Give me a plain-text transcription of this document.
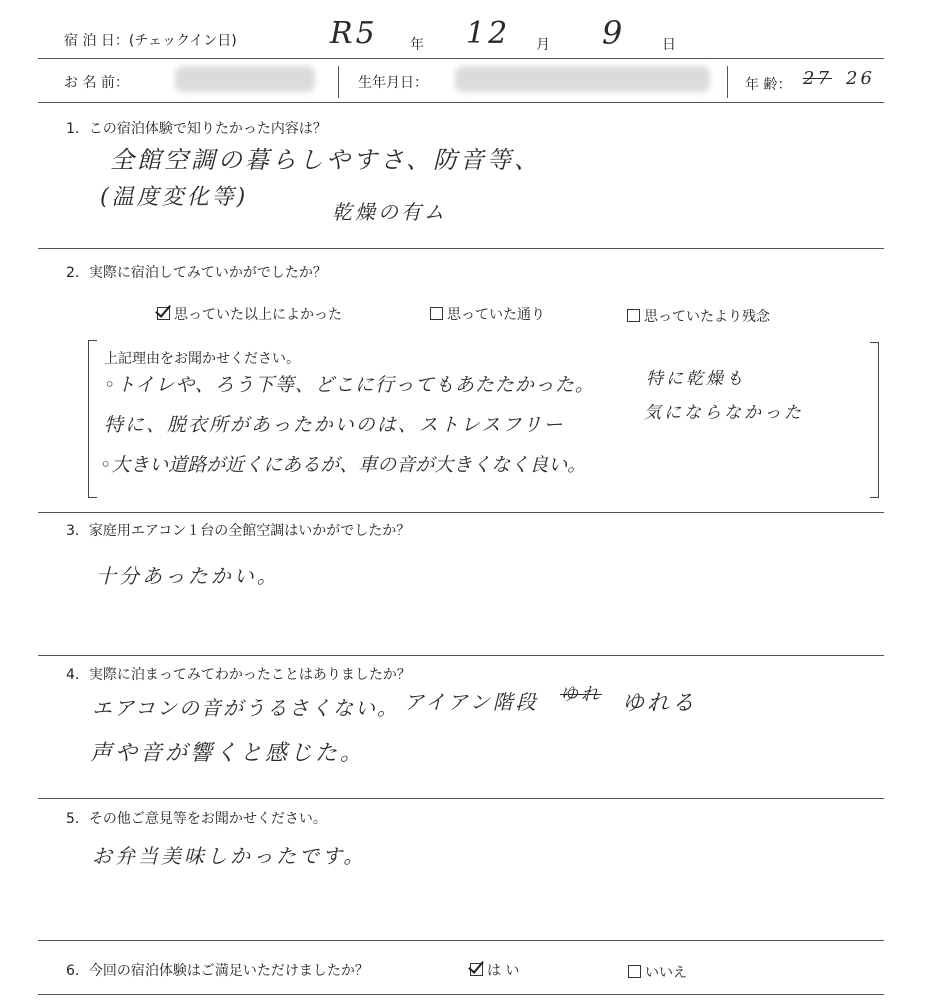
宿 泊 日：(チェックイン日)	R5 年 12 月 9	日
お 名 前：	生年月日：	年 齢： 27 26
1．この宿泊体験で知りたかった内容は？
全館空調の暮らしやすさ、防音等、
(温度変化等)
乾燥の有ム
2．実際に宿泊してみていかがでしたか？
思っていた以上によかった	思っていた通り	思っていたより残念
上記理由をお聞かせください。
◦トイレや、ろう下等、どこに行ってもあたたかった。
特に、脱衣所があったかいのは、ストレスフリー
◦大きい道路が近くにあるが、車の音が大きくなく良い。
特に乾燥も
気にならなかった
3．家庭用エアコン１台の全館空調はいかがでしたか？
十分あったかい。
4．実際に泊まってみてわかったことはありましたか？
エアコンの音がうるさくない。 アイアン階段 ゆれ ゆれる
声や音が響くと感じた。
5．その他ご意見等をお聞かせください。
お弁当美味しかったです。
6．今回の宿泊体験はご満足いただけましたか？	は い	いいえ
